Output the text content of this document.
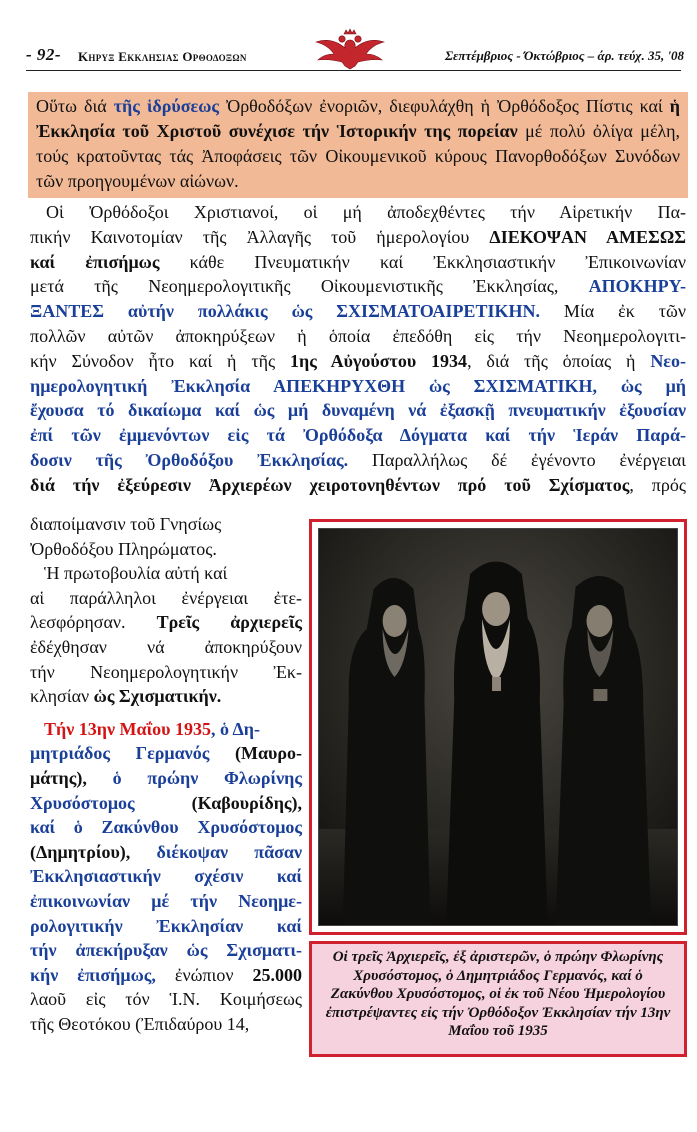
- 92- Κηρυξ Εκκλησιας Ορθοδοξων	Σεπτέμβριος - Όκτώβριος – άρ. τεύχ. 35, '08
Οὕτω διά τῆς ἱδρύσεως Ὀρθοδόξων ἐνοριῶν, διεφυλάχθη ἡ Ὀρθόδοξος Πίστις καί ἡ Ἐκκλησία τοῦ Χριστοῦ συνέχισε τήν Ἱστορικήν της πορείαν μέ πολύ ὀλίγα μέλη, τούς κρατοῦντας τάς Ἀποφάσεις τῶν Οἰκουμενικοῦ κύρους Πανορθοδόξων Συνόδων τῶν προηγουμένων αἰώνων.
Οἱ Ὀρθόδοξοι Χριστιανοί, οἱ μή ἀποδεχθέντες τήν Αἱρετικήν Πα-
πικήν Καινοτομίαν τῆς Ἀλλαγῆς τοῦ ἡμερολογίου ΔΙΕΚΟΨΑΝ ΑΜΕΣΩΣ
καί ἐπισήμως κάθε Πνευματικήν καί Ἐκκλησιαστικήν Ἐπικοινωνίαν
μετά τῆς Νεοημερολογιτικῆς Οἰκουμενιστικῆς Ἐκκλησίας, ΑΠΟΚΗΡΥ-
ΞΑΝΤΕΣ αὐτήν πολλάκις ὡς ΣΧΙΣΜΑΤΟΑΙΡΕΤΙΚΗΝ. Μία ἐκ τῶν
πολλῶν αὐτῶν ἀποκηρύξεων ἡ ὁποία ἐπεδόθη εἰς τήν Νεοημερολογιτι-
κήν Σύνοδον ἦτο καί ἡ τῆς 1ης Αὐγούστου 1934, διά τῆς ὁποίας ἡ Νεο-
ημερολογητική Ἐκκλησία ΑΠΕΚΗΡΥΧΘΗ ὡς ΣΧΙΣΜΑΤΙΚΗ, ὡς μή
ἔχουσα τό δικαίωμα καί ὡς μή δυναμένη νά ἐξασκῇ πνευματικήν ἐξουσίαν
ἐπί τῶν ἐμμενόντων εἰς τά Ὀρθόδοξα Δόγματα καί τήν Ἱεράν Παρά-
δοσιν τῆς Ὀρθοδόξου Ἐκκλησίας. Παραλλήλως δέ ἐγένοντο ἐνέργειαι
διά τήν ἐξεύρεσιν Ἀρχιερέων χειροτονηθέντων πρό τοῦ Σχίσματος, πρός
διαποίμανσιν τοῦ Γνησίως
Ὀρθοδόξου Πληρώματος.
Ἡ πρωτοβουλία αὐτή καί
αἱ παράλληλοι ἐνέργειαι ἐτε-
λεσφόρησαν. Τρεῖς ἀρχιερεῖς
ἐδέχθησαν νά ἀποκηρύξουν
τήν Νεοημερολογητικήν Ἐκ-
κλησίαν ὡς Σχισματικήν.
Τήν 13ην Μαΐου 1935, ὁ Δη-
μητριάδος Γερμανός (Μαυρο-
μάτης), ὁ πρώην Φλωρίνης
Χρυσόστομος (Καβουρίδης),
καί ὁ Ζακύνθου Χρυσόστομος
(Δημητρίου), διέκοψαν πᾶσαν
Ἐκκλησιαστικήν σχέσιν καί
ἐπικοινωνίαν μέ τήν Νεοημε-
ρολογιτικήν Ἐκκλησίαν καί
τήν ἀπεκήρυξαν ὡς Σχισματι-
κήν ἐπισήμως, ἐνώπιον 25.000
λαοῦ εἰς τόν Ἱ.Ν. Κοιμήσεως
τῆς Θεοτόκου (Ἐπιδαύρου 14,
Οἱ τρεῖς Ἀρχιερεῖς, ἐξ ἀριστερῶν, ὁ πρώην Φλωρίνης Χρυσόστομος, ὁ Δημητριάδος Γερμανός, καί ὁ Ζακύνθου Χρυσόστομος, οἱ ἐκ τοῦ Νέου Ἡμερολογίου ἐπιστρέψαντες εἰς τήν Ὀρθόδοξον Ἐκκλησίαν τήν 13ην Μαΐου τοῦ 1935
